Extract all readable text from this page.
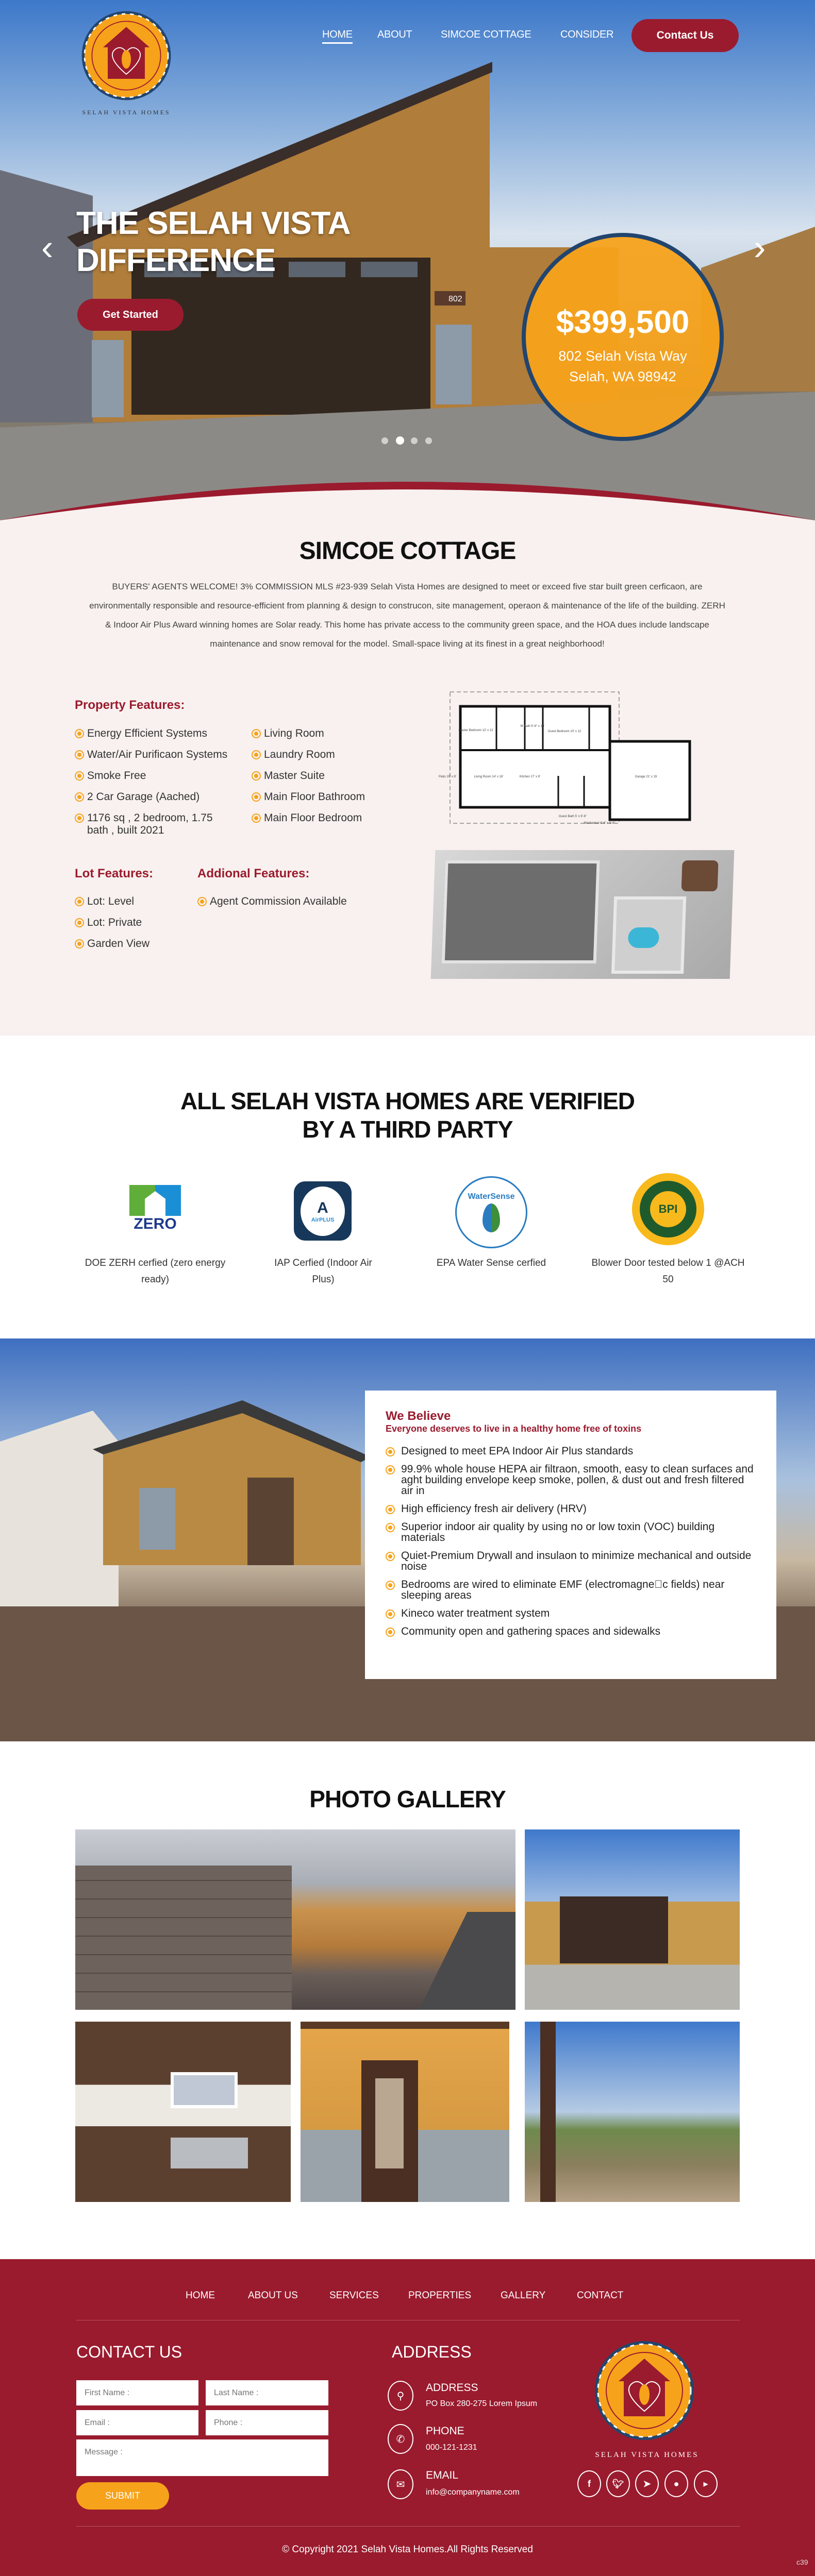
802
SELAH VISTA HOMES
HOME ABOUT	SIMCOE COTTAGE	CONSIDER	Contact Us
‹	›
THE SELAH VISTA
DIFFERENCE
Get Started	$399,500
802 Selah Vista Way
Selah, WA 98942
SIMCOE COTTAGE

BUYERS' AGENTS WELCOME! 3% COMMISSION MLS #23-939 Selah Vista Homes are designed to meet or exceed five star built green cerficaon, are environmentally responsible and resource-efficient from planning & design to construcon, site management, operaon & maintenance of the life of the building. ZERH & Indoor Air Plus Award winning homes are Solar ready. This home has private access to the community green space, and the HOA dues include landscape maintenance and snow removal for the model. Small-space living at its finest in a great neighborhood!

Property Features:
Energy Efficient Systems
Water/Air Purificaon Systems
Smoke Free
2 Car Garage (Aached)
1176 sq , 2 bedroom, 1.75 bath , built 2021
Living Room
Laundry Room
Master Suite
Main Floor Bathroom
Main Floor Bedroom
Lot Features:
Lot: Level
Lot: Private
Garden View
Addional Features:
Agent Commission Available
Master Bedroom 12' x 12
M Bath 5'-6" x 10'
Guest Bedroom 10' x 12
Patio 15' x 8'	Living Room 14' x 16'	Kitchen 17' x 8'	Garage 21' x 19
Guest Bath 5' x 9'-6"
Mechanical 6'-6' x 9'-6"
ALL SELAH VISTA HOMES ARE VERIFIED
BY A THIRD PARTY
ZERO
A
AirPLUS
WaterSense
BPI
DOE ZERH cerfied (zero energy ready)
IAP Cerfied (Indoor Air Plus)
EPA Water Sense cerfied	Blower Door tested below 1 @ACH 50
We Believe
Everyone deserves to live in a healthy home free of toxins
Designed to meet EPA Indoor Air Plus standards
99.9% whole house HEPA air filtraon, smooth, easy to clean surfaces and aght building envelope keep smoke, pollen, & dust out and fresh filtered air in
High efficiency fresh air delivery (HRV)
Superior indoor air quality by using no or low toxin (VOC) building materials
Quiet-Premium Drywall and insulaon to minimize mechanical and outside noise
Bedrooms are wired to eliminate EMF (electromagne c fields) near sleeping areas
Kineco water treatment system
Community open and gathering spaces and sidewalks
PHOTO GALLERY
HOME	ABOUT US	SERVICES	PROPERTIES	GALLERY	CONTACT
CONTACT US
First Name :
Last Name :
Email :
Phone :
Message :
SUBMIT
ADDRESS
⚲
ADDRESS
PO Box 280-275 Lorem Ipsum
✆
PHONE
000-121-1231
✉
EMAIL
info@companyname.com
SELAH VISTA HOMES
f	🐦︎	➤	●	▶
© Copyright 2021 Selah Vista Homes.All Rights Reserved
c39
